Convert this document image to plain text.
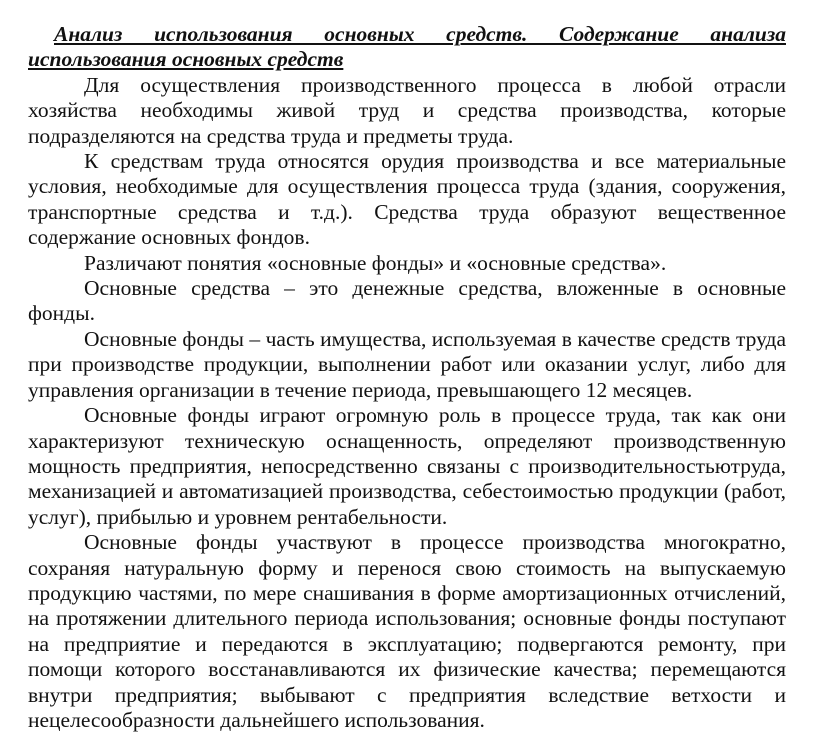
Анализ использования основных средств. Содержание анализа использования основных средств

Для осуществления производственного процесса в любой отрасли хозяйства необходимы живой труд и средства производства, которые подразделяются на средства труда и предметы труда.

К средствам труда относятся орудия производства и все материальные условия, необходимые для осуществления процесса труда (здания, сооружения, транспортные средства и т.д.). Средства труда образуют вещественное содержание основных фондов.

Различают понятия «основные фонды» и «основные средства».

Основные средства – это денежные средства, вложенные в основные фонды.

Основные фонды – часть имущества, используемая в качестве средств труда при производстве продукции, выполнении работ или оказании услуг, либо для управления организации в течение периода, превышающего 12 месяцев.

Основные фонды играют огромную роль в процессе труда, так как они характеризуют техническую оснащенность, определяют производственную мощность предприятия, непосредственно связаны с производительностьютруда, механизацией и автоматизацией производства, себестоимостью продукции (работ, услуг), прибылью и уровнем рентабельности.

Основные фонды участвуют в процессе производства многократно, сохраняя натуральную форму и перенося свою стоимость на выпускаемую продукцию частями, по мере снашивания в форме амортизационных отчислений, на протяжении длительного периода использования; основные фонды поступают на предприятие и передаются в эксплуатацию; подвергаются ремонту, при помощи которого восстанавливаются их физические качества; перемещаются внутри предприятия; выбывают с предприятия вследствие ветхости и нецелесообразности дальнейшего использования.
